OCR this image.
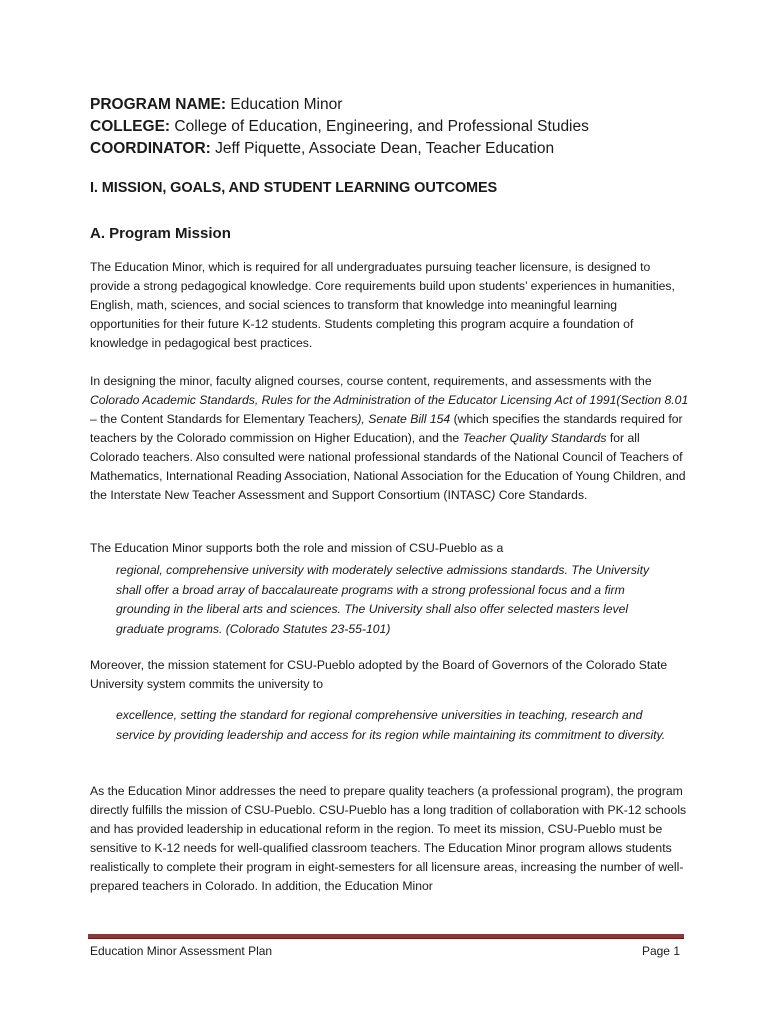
PROGRAM NAME: Education Minor

COLLEGE: College of Education, Engineering, and Professional Studies

COORDINATOR: Jeff Piquette, Associate Dean, Teacher Education

I. MISSION, GOALS, AND STUDENT LEARNING OUTCOMES
A. Program Mission

The Education Minor, which is required for all undergraduates pursuing teacher licensure, is designed to provide a strong pedagogical knowledge. Core requirements build upon students’ experiences in humanities, English, math, sciences, and social sciences to transform that knowledge into meaningful learning opportunities for their future K-12 students. Students completing this program acquire a foundation of knowledge in pedagogical best practices.

In designing the minor, faculty aligned courses, course content, requirements, and assessments with the Colorado Academic Standards, Rules for the Administration of the Educator Licensing Act of 1991(Section 8.01 – the Content Standards for Elementary Teachers), Senate Bill 154 (which specifies the standards required for teachers by the Colorado commission on Higher Education), and the Teacher Quality Standards for all Colorado teachers. Also consulted were national professional standards of the National Council of Teachers of Mathematics, International Reading Association, National Association for the Education of Young Children, and the Interstate New Teacher Assessment and Support Consortium (INTASC) Core Standards.

The Education Minor supports both the role and mission of CSU-Pueblo as a

regional, comprehensive university with moderately selective admissions standards. The University shall offer a broad array of baccalaureate programs with a strong professional focus and a firm grounding in the liberal arts and sciences. The University shall also offer selected masters level graduate programs. (Colorado Statutes 23-55-101)

Moreover, the mission statement for CSU-Pueblo adopted by the Board of Governors of the Colorado State University system commits the university to

excellence, setting the standard for regional comprehensive universities in teaching, research and service by providing leadership and access for its region while maintaining its commitment to diversity.

As the Education Minor addresses the need to prepare quality teachers (a professional program), the program directly fulfills the mission of CSU-Pueblo. CSU-Pueblo has a long tradition of collaboration with PK-12 schools and has provided leadership in educational reform in the region. To meet its mission, CSU-Pueblo must be sensitive to K-12 needs for well-qualified classroom teachers. The Education Minor program allows students realistically to complete their program in eight-semesters for all licensure areas, increasing the number of well-prepared teachers in Colorado. In addition, the Education Minor

Education Minor Assessment Plan	Page 1
